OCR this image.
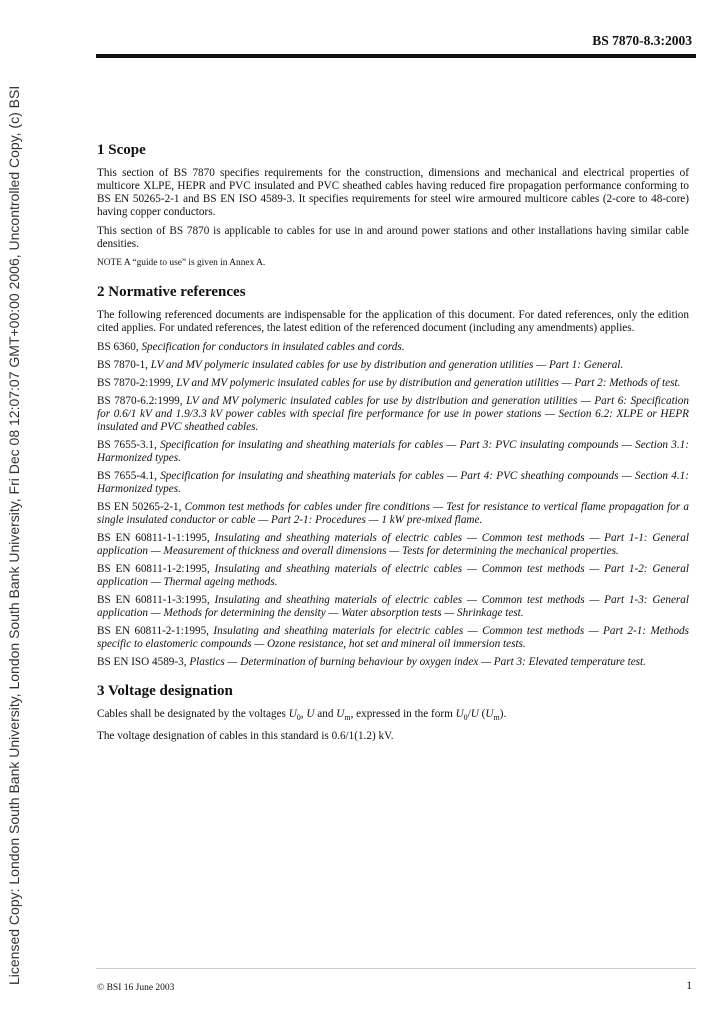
Licensed Copy: London South Bank University, London South Bank University, Fri Dec 08 12:07:07 GMT+00:00 2006, Uncontrolled Copy, (c) BSI
BS 7870-8.3:2003
1 Scope

This section of BS 7870 specifies requirements for the construction, dimensions and mechanical and electrical properties of multicore XLPE, HEPR and PVC insulated and PVC sheathed cables having reduced fire propagation performance conforming to BS EN 50265-2-1 and BS EN ISO 4589-3. It specifies requirements for steel wire armoured multicore cables (2-core to 48-core) having copper conductors.

This section of BS 7870 is applicable to cables for use in and around power stations and other installations having similar cable densities.

NOTE A “guide to use” is given in Annex A.

2 Normative references

The following referenced documents are indispensable for the application of this document. For dated references, only the edition cited applies. For undated references, the latest edition of the referenced document (including any amendments) applies.

BS 6360, Specification for conductors in insulated cables and cords.

BS 7870-1, LV and MV polymeric insulated cables for use by distribution and generation utilities — Part 1: General.

BS 7870-2:1999, LV and MV polymeric insulated cables for use by distribution and generation utilities — Part 2: Methods of test.

BS 7870-6.2:1999, LV and MV polymeric insulated cables for use by distribution and generation utilities — Part 6: Specification for 0.6/1 kV and 1.9/3.3 kV power cables with special fire performance for use in power stations — Section 6.2: XLPE or HEPR insulated and PVC sheathed cables.

BS 7655-3.1, Specification for insulating and sheathing materials for cables — Part 3: PVC insulating compounds — Section 3.1: Harmonized types.

BS 7655-4.1, Specification for insulating and sheathing materials for cables — Part 4: PVC sheathing compounds — Section 4.1: Harmonized types.

BS EN 50265-2-1, Common test methods for cables under fire conditions — Test for resistance to vertical flame propagation for a single insulated conductor or cable — Part 2-1: Procedures — 1 kW pre-mixed flame.

BS EN 60811-1-1:1995, Insulating and sheathing materials of electric cables — Common test methods — Part 1-1: General application — Measurement of thickness and overall dimensions — Tests for determining the mechanical properties.

BS EN 60811-1-2:1995, Insulating and sheathing materials of electric cables — Common test methods — Part 1-2: General application — Thermal ageing methods.

BS EN 60811-1-3:1995, Insulating and sheathing materials of electric cables — Common test methods — Part 1-3: General application — Methods for determining the density — Water absorption tests — Shrinkage test.

BS EN 60811-2-1:1995, Insulating and sheathing materials for electric cables — Common test methods — Part 2-1: Methods specific to elastomeric compounds — Ozone resistance, hot set and mineral oil immersion tests.

BS EN ISO 4589-3, Plastics — Determination of burning behaviour by oxygen index — Part 3: Elevated temperature test.

3 Voltage designation

Cables shall be designated by the voltages $U_0$, U and $U_m$, expressed in the form $U_0/U$ $(U_m)$.

The voltage designation of cables in this standard is 0.6/1(1.2) kV.

© BSI 16 June 2003	1
